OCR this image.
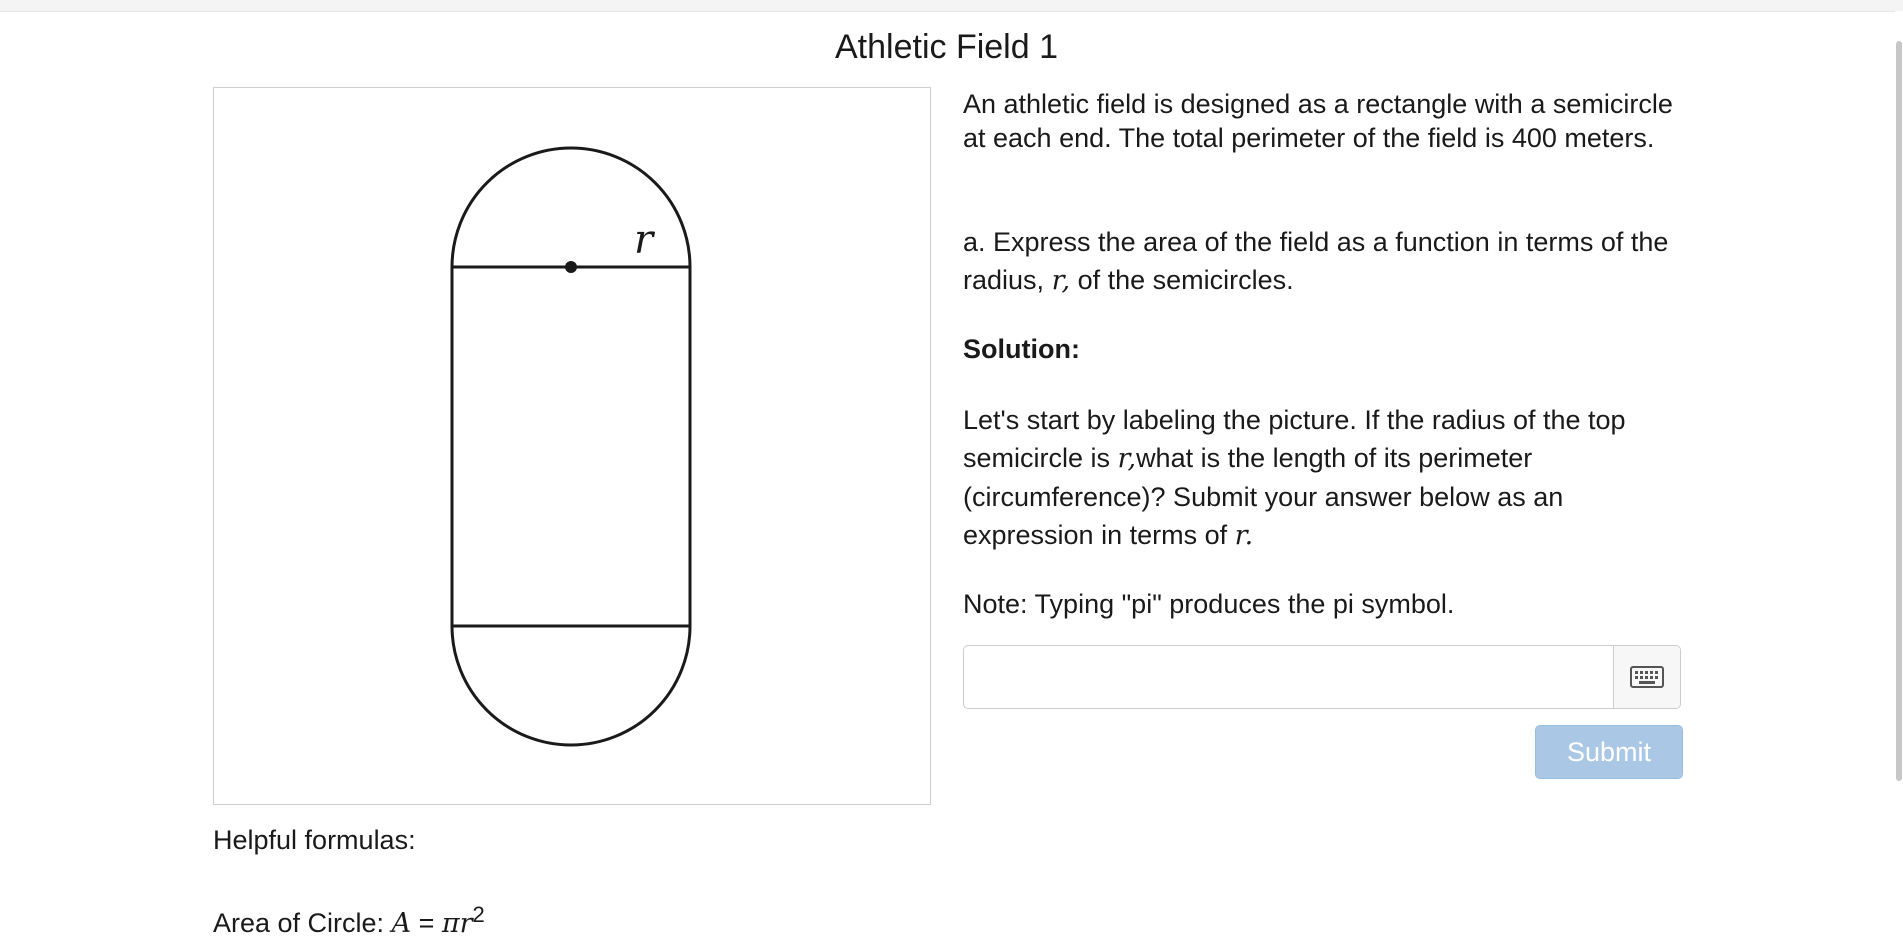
Athletic Field 1
r
An athletic field is designed as a rectangle with a semicircle at each end. The total perimeter of the field is 400 meters.
a. Express the area of the field as a function in terms of the radius, r, of the semicircles.
Solution:
Let's start by labeling the picture. If the radius of the top semicircle is r,what is the length of its perimeter (circumference)? Submit your answer below as an expression in terms of r.
Note: Typing "pi" produces the pi symbol.
Submit
Helpful formulas:
Area of Circle: $A = \pi r^2$
